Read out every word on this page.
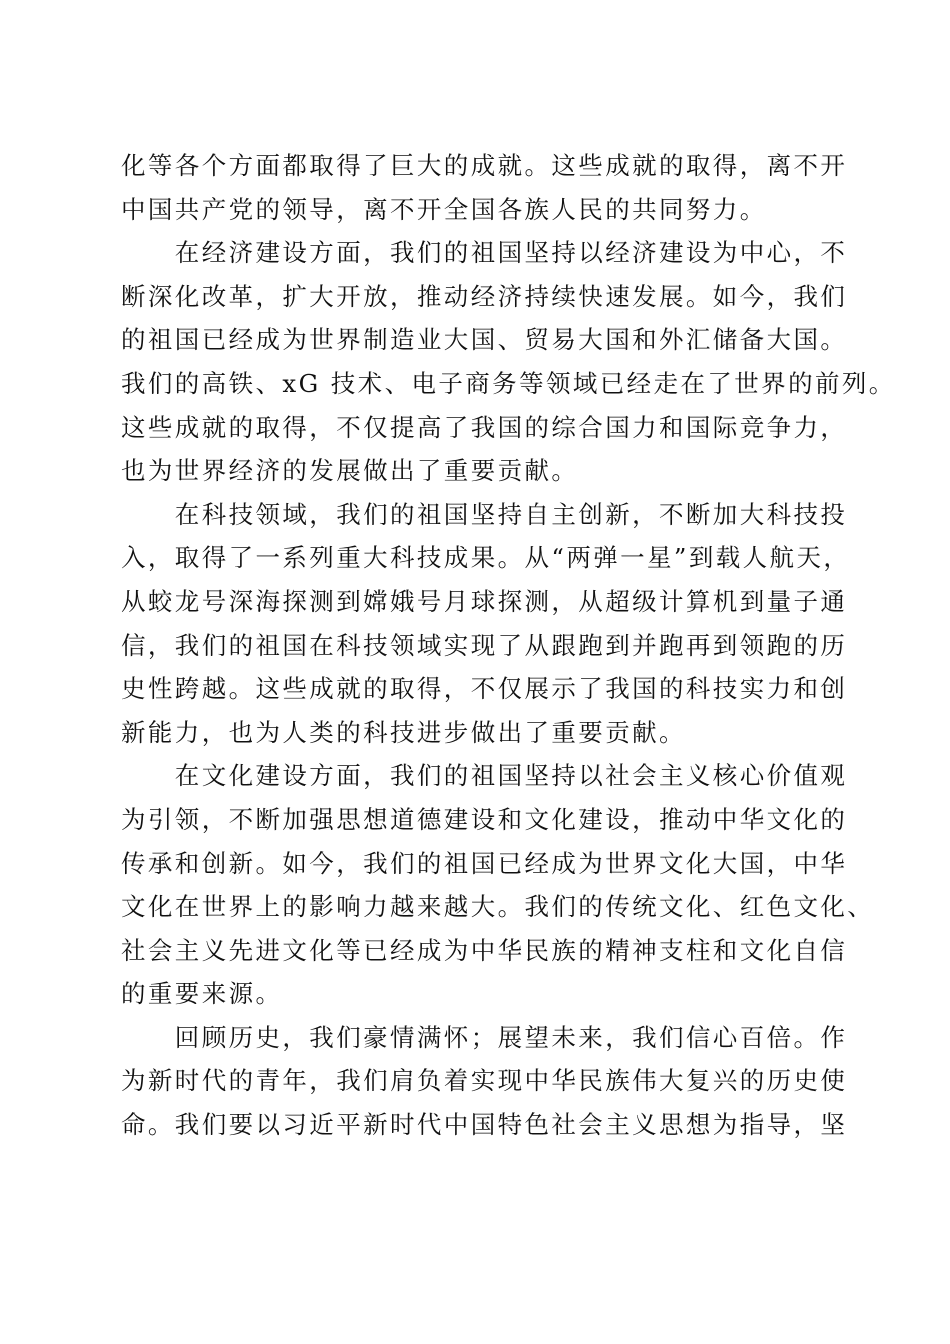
化等各个方面都取得了巨大的成就。这些成就的取得，离不开
中国共产党的领导，离不开全国各族人民的共同努力。

　　在经济建设方面，我们的祖国坚持以经济建设为中心，不
断深化改革，扩大开放，推动经济持续快速发展。如今，我们
的祖国已经成为世界制造业大国、贸易大国和外汇储备大国。
我们的高铁、xG 技术、电子商务等领域已经走在了世界的前列。
这些成就的取得，不仅提高了我国的综合国力和国际竞争力，
也为世界经济的发展做出了重要贡献。

　　在科技领域，我们的祖国坚持自主创新，不断加大科技投
入，取得了一系列重大科技成果。从“两弹一星”到载人航天，
从蛟龙号深海探测到嫦娥号月球探测，从超级计算机到量子通
信，我们的祖国在科技领域实现了从跟跑到并跑再到领跑的历
史性跨越。这些成就的取得，不仅展示了我国的科技实力和创
新能力，也为人类的科技进步做出了重要贡献。

　　在文化建设方面，我们的祖国坚持以社会主义核心价值观
为引领，不断加强思想道德建设和文化建设，推动中华文化的
传承和创新。如今，我们的祖国已经成为世界文化大国，中华
文化在世界上的影响力越来越大。我们的传统文化、红色文化、
社会主义先进文化等已经成为中华民族的精神支柱和文化自信
的重要来源。

　　回顾历史，我们豪情满怀；展望未来，我们信心百倍。作
为新时代的青年，我们肩负着实现中华民族伟大复兴的历史使
命。我们要以习近平新时代中国特色社会主义思想为指导，坚
